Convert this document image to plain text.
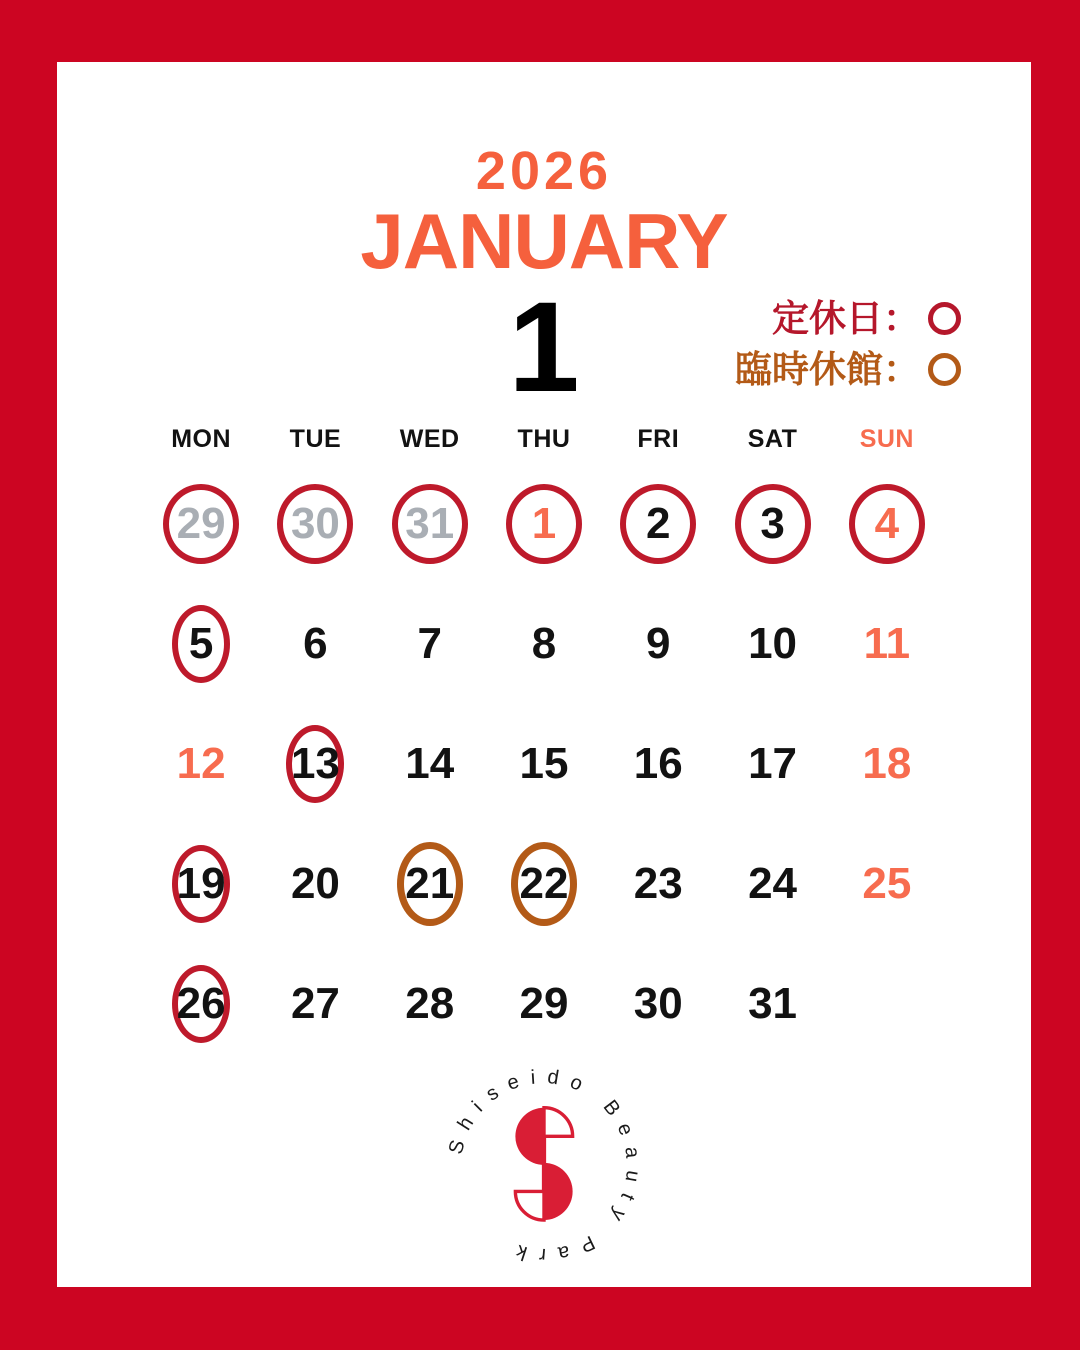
2026
JANUARY
1	定休日：
臨時休館：
MON	TUE	WED	THU	FRI	SAT	SUN
29 30 31 1 2 3 4
5 6 7 8 9 10 11
12 13 14 15 16 17 18
19 20 21 22 23 24 25
26 27 28 29 30 31
Shiseido Beauty Park
